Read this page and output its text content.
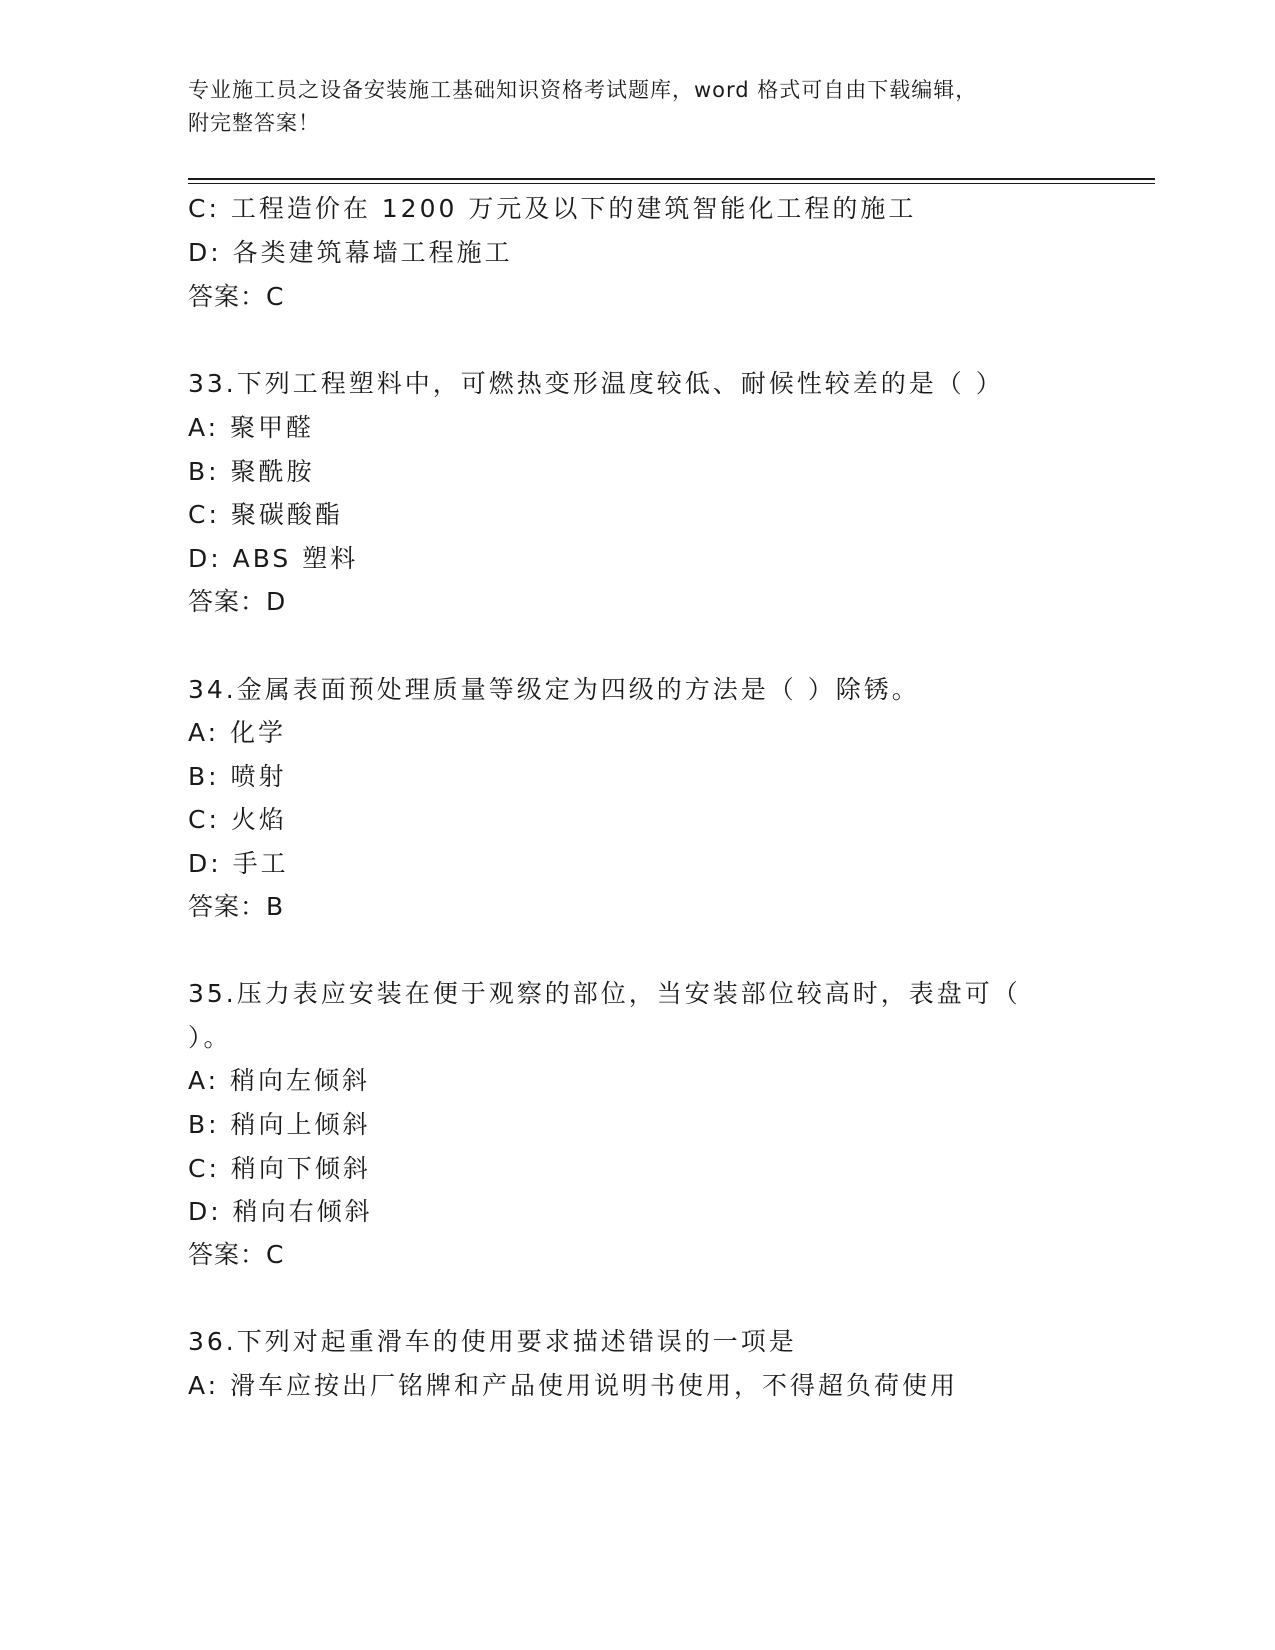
专业施工员之设备安装施工基础知识资格考试题库，word 格式可自由下载编辑，
附完整答案！
C: 工程造价在 1200 万元及以下的建筑智能化工程的施工
D: 各类建筑幕墙工程施工
答案：C
33.下列工程塑料中，可燃热变形温度较低、耐候性较差的是（ ）
A: 聚甲醛
B: 聚酰胺
C: 聚碳酸酯
D: ABS 塑料
答案：D
34.金属表面预处理质量等级定为四级的方法是（ ）除锈。
A: 化学
B: 喷射
C: 火焰
D: 手工
答案：B
35.压力表应安装在便于观察的部位，当安装部位较高时，表盘可（
）。
A: 稍向左倾斜
B: 稍向上倾斜
C: 稍向下倾斜
D: 稍向右倾斜
答案：C
36.下列对起重滑车的使用要求描述错误的一项是
A: 滑车应按出厂铭牌和产品使用说明书使用，不得超负荷使用
